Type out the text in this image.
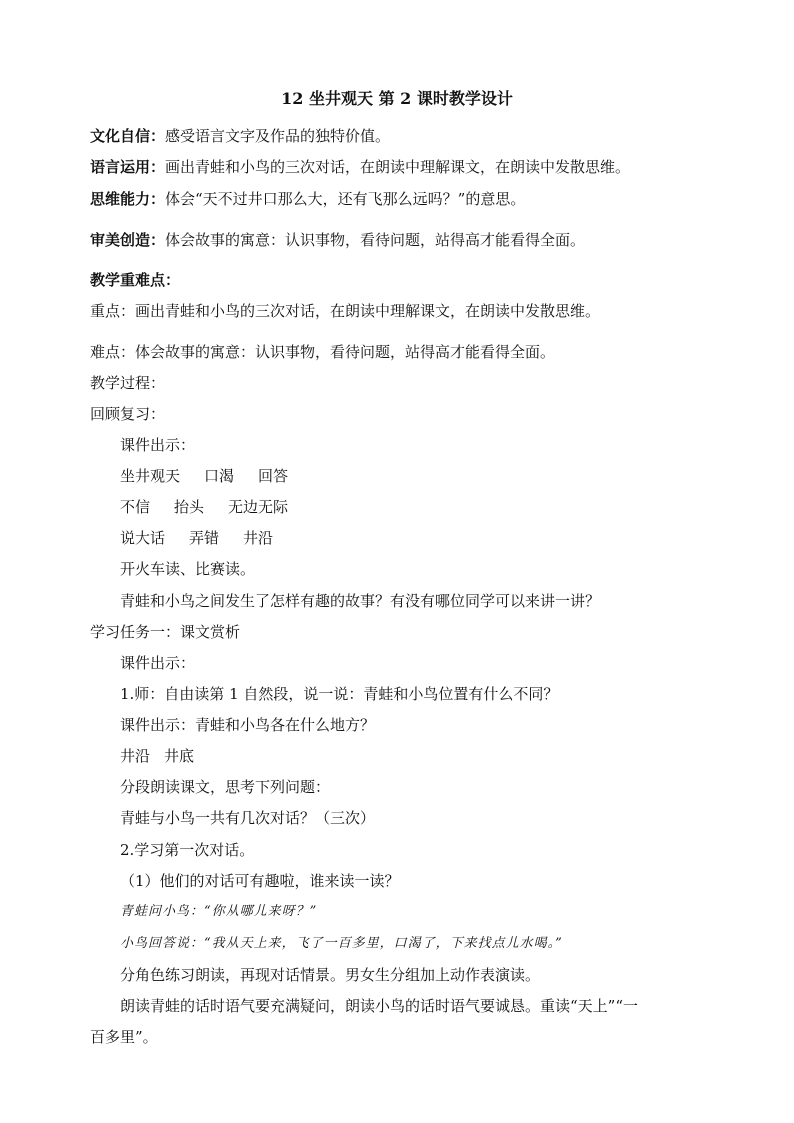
12 坐井观天 第 2 课时教学设计
文化自信：感受语言文字及作品的独特价值。
语言运用：画出青蛙和小鸟的三次对话，在朗读中理解课文，在朗读中发散思维。
思维能力：体会“天不过井口那么大，还有飞那么远吗？”的意思。
审美创造：体会故事的寓意：认识事物，看待问题，站得高才能看得全面。
教学重难点：
重点：画出青蛙和小鸟的三次对话，在朗读中理解课文，在朗读中发散思维。
难点：体会故事的寓意：认识事物，看待问题，站得高才能看得全面。
教学过程：
回顾复习：
课件出示：
坐井观天 口渴 回答
不信 抬头 无边无际
说大话 弄错 井沿
开火车读、比赛读。
青蛙和小鸟之间发生了怎样有趣的故事？有没有哪位同学可以来讲一讲？
学习任务一：课文赏析
课件出示：
1.师：自由读第 1 自然段，说一说：青蛙和小鸟位置有什么不同？
课件出示：青蛙和小鸟各在什么地方？
井沿 井底
分段朗读课文，思考下列问题：
青蛙与小鸟一共有几次对话？（三次）
2.学习第一次对话。
（1）他们的对话可有趣啦，谁来读一读？
青蛙问小鸟：“你从哪儿来呀？”
小鸟回答说：“我从天上来，飞了一百多里，口渴了，下来找点儿水喝。”
分角色练习朗读，再现对话情景。男女生分组加上动作表演读。
朗读青蛙的话时语气要充满疑问，朗读小鸟的话时语气要诚恳。重读“天上”“一
百多里”。
